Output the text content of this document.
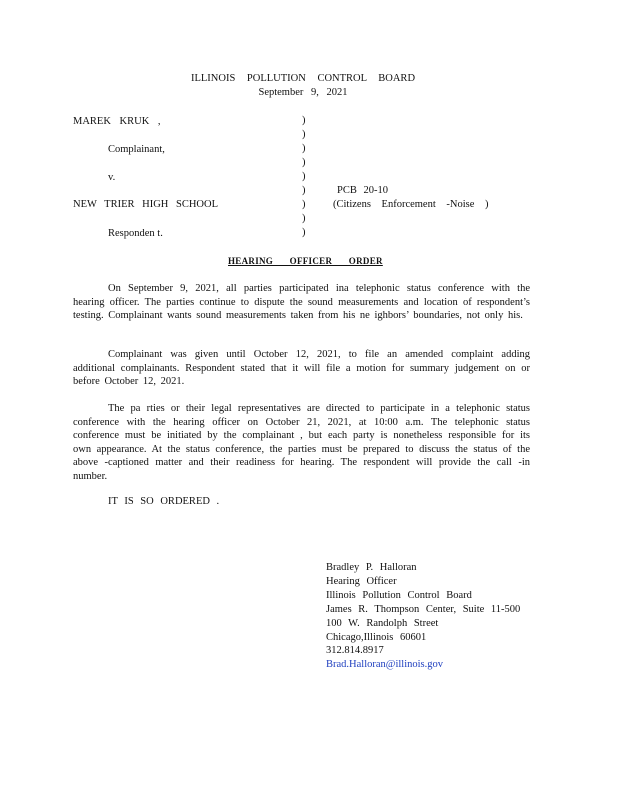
ILLINOIS POLLUTION CONTROL BOARD
September 9, 2021
MAREK KRUK ,
Complainant,
v.
NEW TRIER HIGH SCHOOL
Responden t.
)
)
)
)
)
)
)
)
)
PCB 20-10
(Citizens Enforcement -Noise )
HEARING OFFICER ORDER
On September 9, 2021, all parties participated ina telephonic status conference with the hearing officer. The parties continue to dispute the sound measurements and location of respondent’s testing. Complainant wants sound measurements taken from his ne ighbors’ boundaries, not only his.
Complainant was given until October 12, 2021, to file an amended complaint adding additional complainants. Respondent stated that it will file a motion for summary judgement on or before October 12, 2021.
The pa rties or their legal representatives are directed to participate in a telephonic status conference with the hearing officer on October 21, 2021, at 10:00 a.m. The telephonic status conference must be initiated by the complainant , but each party is nonetheless responsible for its own appearance. At the status conference, the parties must be prepared to discuss the status of the above -captioned matter and their readiness for hearing. The respondent will provide the call -in number.
IT IS SO ORDERED .
Bradley P. Halloran
Hearing Officer
Illinois Pollution Control Board
James R. Thompson Center, Suite 11-500
100 W. Randolph Street
Chicago,Illinois 60601
312.814.8917
Brad.Halloran@illinois.gov
